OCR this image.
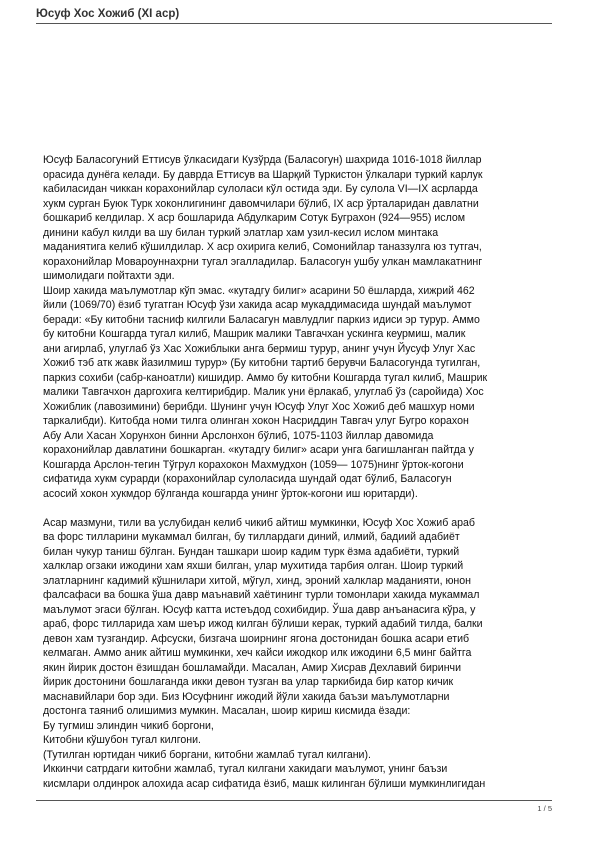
Юсуф Хос Хожиб (XI аср)
Юсуф Баласогуний Еттисув ўлкасидаги Кузўрда (Баласогун) шахрида 1016-1018 йиллар
орасида дунёга келади. Бу даврда Еттисув ва Шарқий Туркистон ўлкалари туркий карлук
кабиласидан чиккан корахонийлар сулолаcи кўл остида эди. Бу сулола VI—IX асрларда
хукм сурган Буюк Турк хоконлигининг давомчилари бўлиб, IX аср ўрталаридан давлатни
бошкариб келдилар. X аср бошларида Абдулкарим Сотук Буграхон (924—955) ислом
динини кабул килди ва шу билан туркий элатлар хам узил-кесил ислом минтака
маданиятига келиб кўшилдилар. X аср охирига келиб, Сомонийлар таназзулга юз тутгач,
корахонийлар Мовароуннахрни тугал эгалладилар. Баласогун ушбу улкан мамлакатнинг
шимолидаги пойтахти эди.
Шоир хакида маълумотлар кўп эмас. «кутадгу билиг» асарини 50 ёшларда, хижрий 462
йили (1069/70) ёзиб тугатган Юсуф ўзи хакида асар мукаддимасида шундай маълумот
беради: «Бу китобни тасниф килгили Баласагун мавлудлиг паркиз идиси эр турур. Аммо
бу китобни Кошгарда тугал килиб, Машрик малики Тавгачхан ускинга кеурмиш, малик
ани агирлаб, улуглаб ўз Хас Хожиблыки анга бермиш турур, анинг учун Йусуф Улуг Хас
Хожиб тэб атк жавк йазилмиш турур» (Бу китобни тартиб берувчи Баласогунда тугилган,
паркиз сохиби (сабр-каноатли) кишидир. Аммо бу китобни Кошгарда тугал килиб, Машрик
малики Тавгачхон даргохига келтирибдир. Малик уни ёрлакаб, улуглаб ўз (саройида) Хос
Хожиблик (лавозимини) берибди. Шунинг учун Юсуф Улуг Хос Хожиб деб машхур номи
таркалибди). Китобда номи тилга олинган хокон Насриддин Тавгач улуг Бугро корахон
Абу Али Хасан Хорунхон бинни Арслонхон бўлиб, 1075-1103 йиллар давомида
корахонийлар давлатини бошкарган. «кутадгу билиг» асари унга багишланган пайтда у
Кошгарда Арслон-тегин Тўгрул корахокон Махмудхон (1059— 1075)нинг ўрток-когони
сифатида хукм сурарди (корахонийлар сулоласида шундай одат бўлиб, Баласогун
асосий хокон хукмдор бўлганда кошгарда унинг ўрток-когони иш юритарди).
Асар мазмуни, тили ва услубидан келиб чикиб айтиш мумкинки, Юсуф Хос Хожиб араб
ва форс тилларини мукаммал билган, бу тиллардаги диний, илмий, бадиий адабиёт
билан чукур таниш бўлган. Бундан ташкари шоир кадим турк ёзма адабиёти, туркий
халклар огзаки ижодини хам яхши билган, улар мухитида тарбия олган. Шоир туркий
элатларнинг кадимий кўшнилари хитой, мўгул, хинд, эроний халклар маданияти, юнон
фалсафаси ва бошка ўша давр маънавий хаётининг турли томонлари хакида мукаммал
маълумот эгаси бўлган. Юсуф катта истеъдод сохибидир. Ўша давр анъанасига кўра, у
араб, форс тилларида хам шеър ижод килган бўлиши керак, туркий адабий тилда, балки
девон хам тузгандир. Афсуски, бизгача шоирнинг ягона достонидан бошка асари етиб
келмаган. Аммо аник айтиш мумкинки, хеч кайси ижодкор илк ижодини 6,5 минг байтга
якин йирик достон ёзишдан бошламайди. Масалан, Амир Хисрав Дехлавий биринчи
йирик достонини бошлаганда икки девон тузган ва улар таркибида бир катор кичик
маснавийлари бор эди. Биз Юсуфнинг ижодий йўли хакида баъзи маълумотларни
достонга таяниб олишимиз мумкин. Масалан, шоир кириш кисмида ёзади:
Бу тугмиш элиндин чикиб боргони,
Китобни кўшубон тугал килгони.
(Тутилган юртидан чикиб боргани, китобни жамлаб тугал килгани).
Иккинчи сатрдаги китобни жамлаб, тугал килгани хакидаги маълумот, унинг баъзи
кисмлари олдинрок алохида асар сифатида ёзиб, машк килинган бўлиши мумкинлигидан
1 / 5
